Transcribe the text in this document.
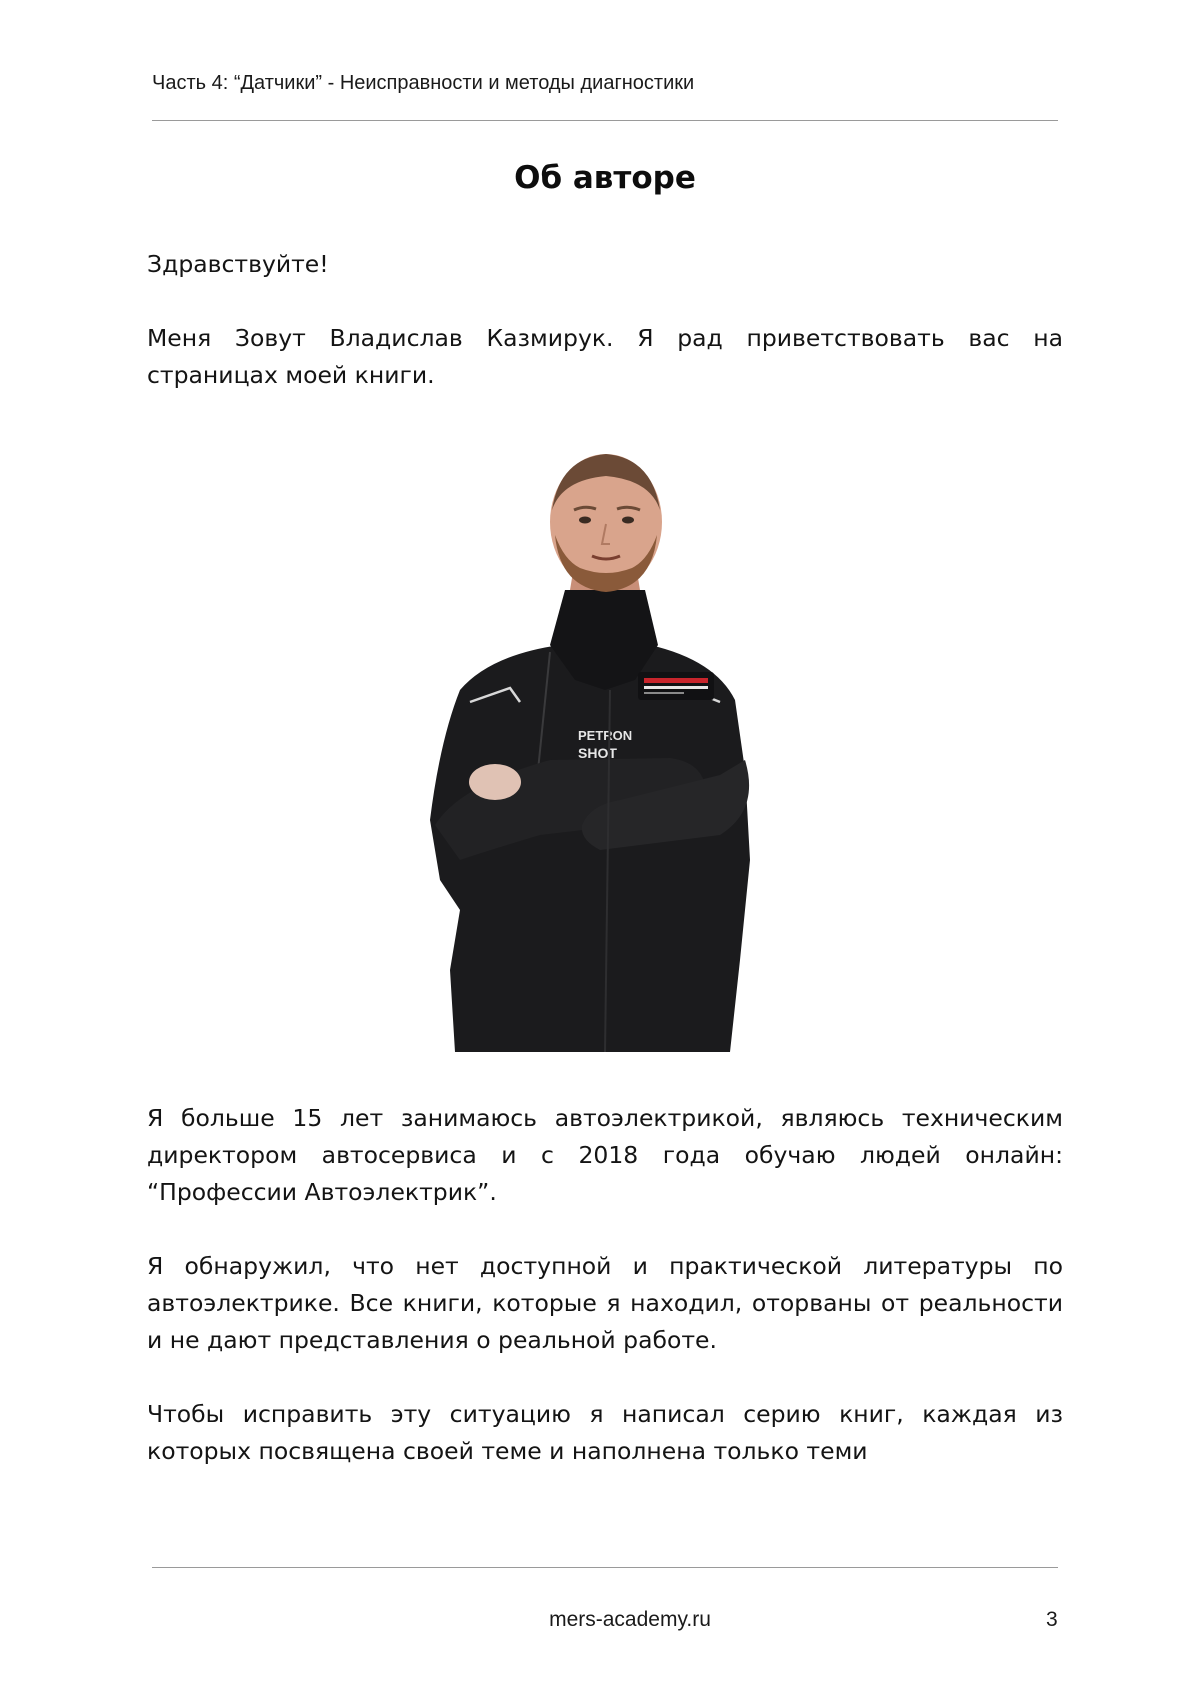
Часть 4: “Датчики” - Неисправности и методы диагностики
Об авторе

Здравствуйте!

Меня Зовут Владислав Казмирук. Я рад приветствовать вас на страницах моей книги.

PETRON
SHOT

Я больше 15 лет занимаюсь автоэлектрикой, являюсь техническим директором автосервиса и с 2018 года обучаю людей онлайн: “Профессии Автоэлектрик”.

Я обнаружил, что нет доступной и практической литературы по автоэлектрике. Все книги, которые я находил, оторваны от реальности и не дают представления о реальной работе.

Чтобы исправить эту ситуацию я написал серию книг, каждая из которых посвящена своей теме и наполнена только теми

mers-academy.ru	3
